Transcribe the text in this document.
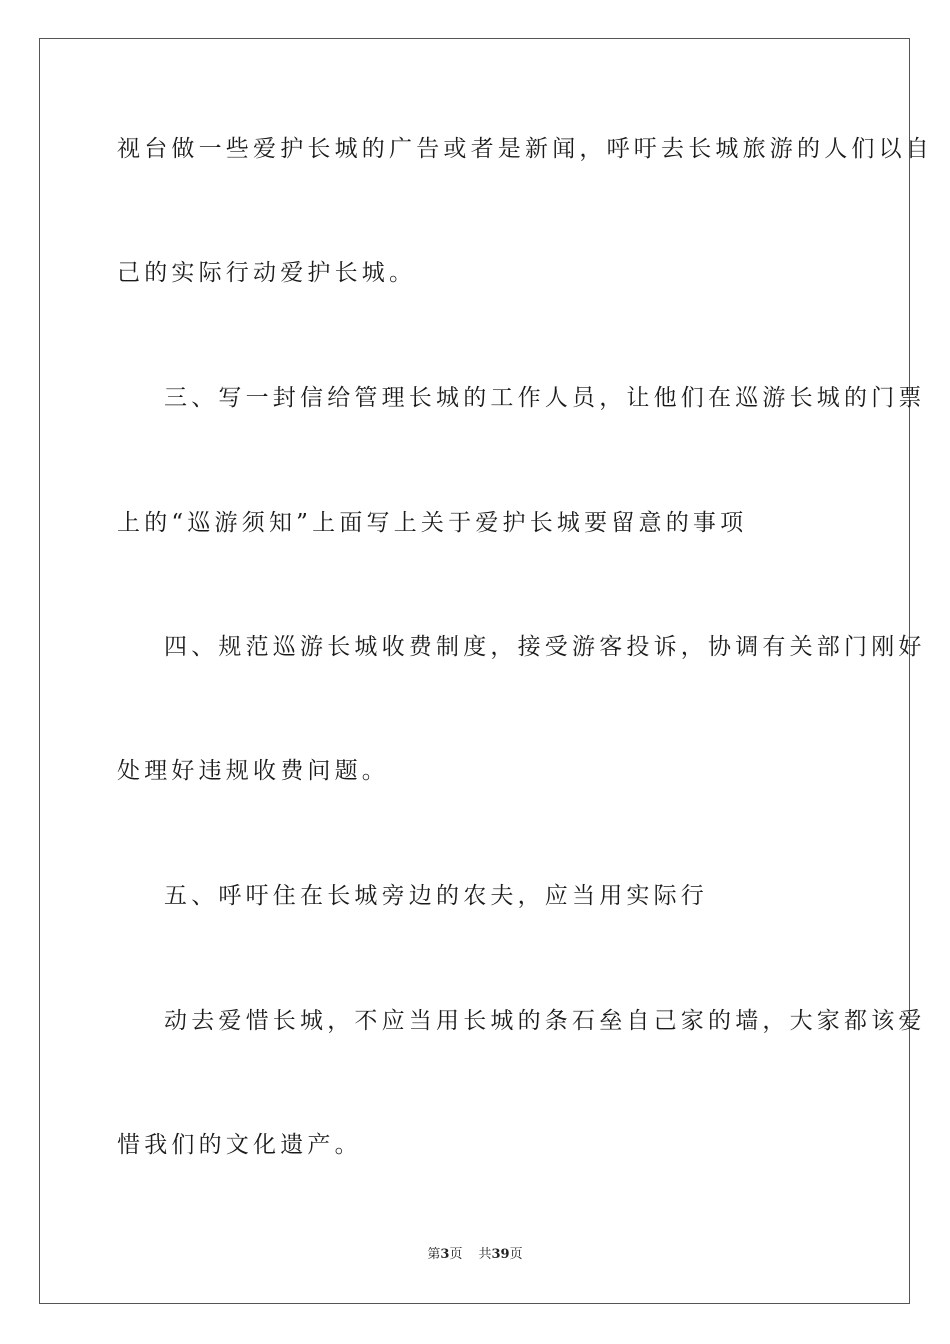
视台做一些爱护长城的广告或者是新闻，呼吁去长城旅游的人们以自
己的实际行动爱护长城。
三、写一封信给管理长城的工作人员，让他们在巡游长城的门票
上的“巡游须知”上面写上关于爱护长城要留意的事项
四、规范巡游长城收费制度，接受游客投诉，协调有关部门刚好
处理好违规收费问题。
五、呼吁住在长城旁边的农夫，应当用实际行
动去爱惜长城，不应当用长城的条石垒自己家的墙，大家都该爱
惜我们的文化遗产。
第3页 共39页
